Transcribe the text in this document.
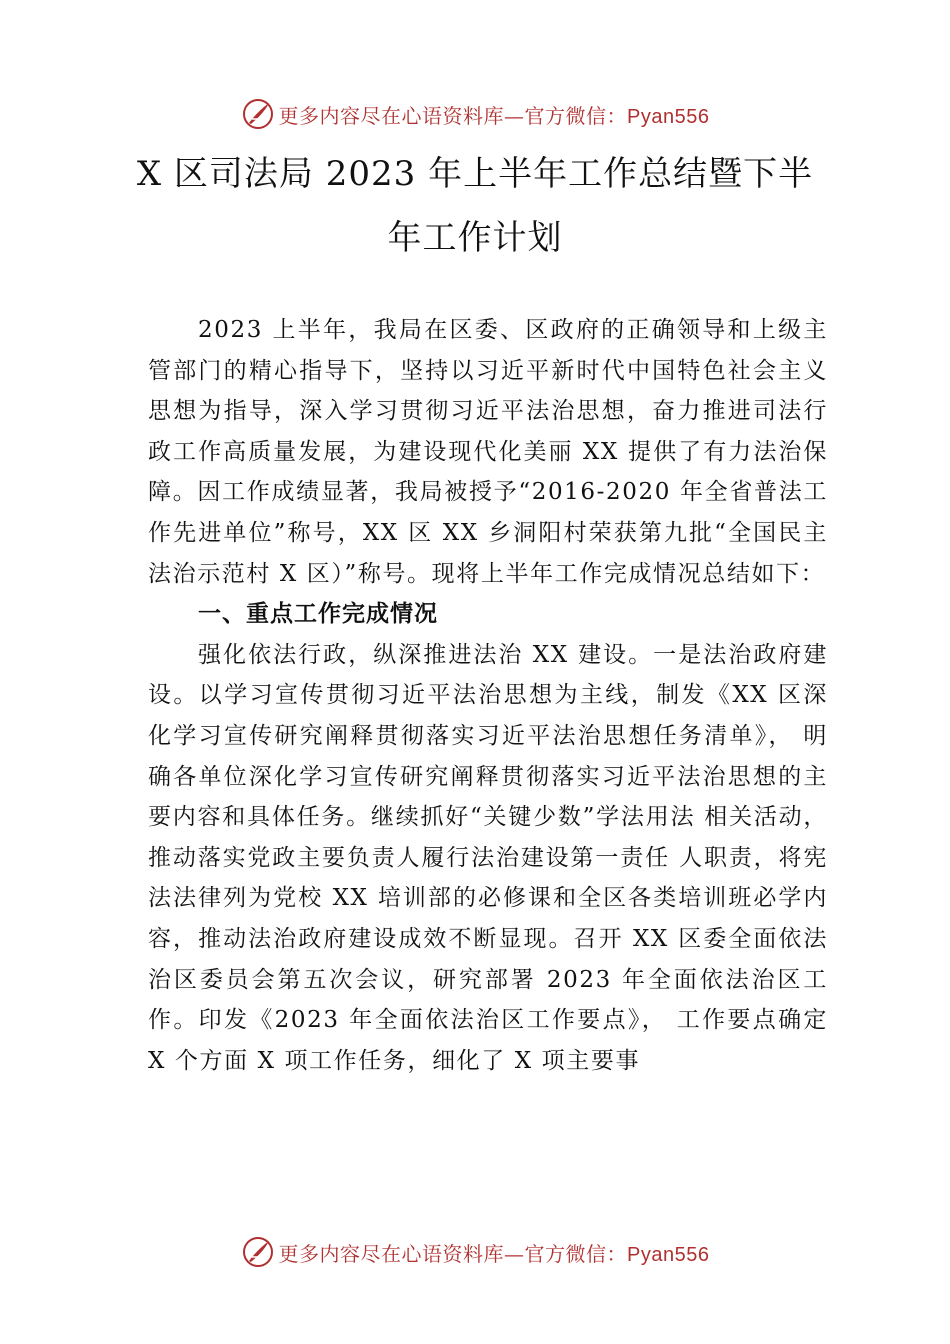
更多内容尽在心语资料库—官方微信：Pyan556
X 区司法局 2023 年上半年工作总结暨下半
年工作计划

2023 上半年，我局在区委、区政府的正确领导和上级主管部门的精心指导下，坚持以习近平新时代中国特色社会主义思想为指导，深入学习贯彻习近平法治思想，奋力推进司法行政工作高质量发展，为建设现代化美丽 XX 提供了有力法治保障。因工作成绩显著，我局被授予“2016-2020 年全省普法工作先进单位”称号，XX 区 XX 乡洞阳村荣获第九批“全国民主法治示范村 X 区）”称号。现将上半年工作完成情况总结如下：

一、重点工作完成情况

强化依法行政，纵深推进法治 XX 建设。一是法治政府建设。以学习宣传贯彻习近平法治思想为主线，制发《XX 区深化学习宣传研究阐释贯彻落实习近平法治思想任务清单》， 明确各单位深化学习宣传研究阐释贯彻落实习近平法治思想的主要内容和具体任务。继续抓好“关键少数”学法用法 相关活动，推动落实党政主要负责人履行法治建设第一责任 人职责，将宪法法律列为党校 XX 培训部的必修课和全区各类培训班必学内容，推动法治政府建设成效不断显现。召开 XX 区委全面依法治区委员会第五次会议，研究部署 2023 年全面依法治区工作。印发《2023 年全面依法治区工作要点》， 工作要点确定 X 个方面 X 项工作任务，细化了 X 项主要事

更多内容尽在心语资料库—官方微信：Pyan556
